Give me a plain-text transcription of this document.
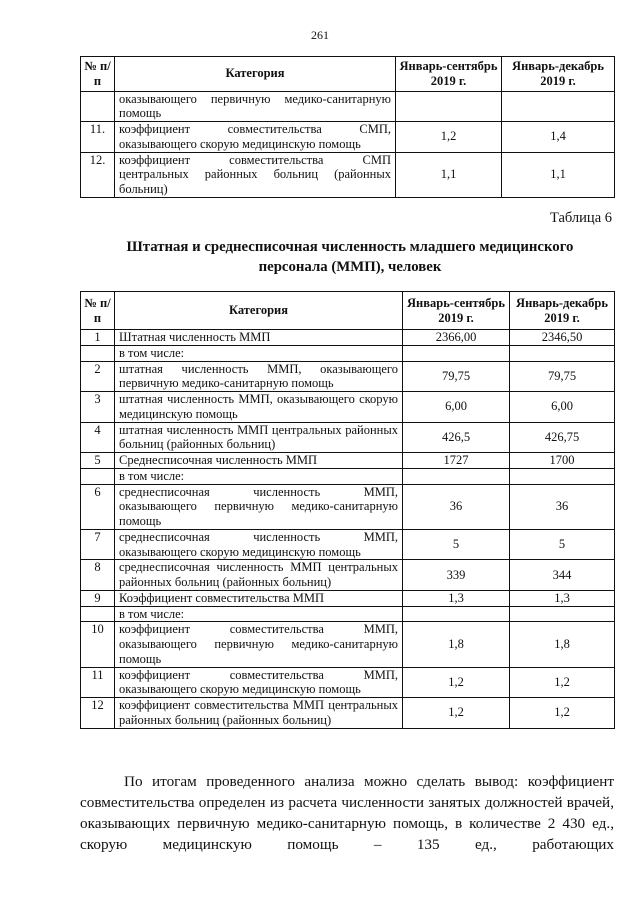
261
№ п/п	Категория	Январь-сентябрь 2019 г.	Январь-декабрь 2019 г.
	оказывающего первичную медико-санитарную помощь		
11.	коэффициент совместительства СМП, оказывающего скорую медицинскую помощь	1,2	1,4
12.	коэффициент совместительства СМП центральных районных больниц (районных больниц)	1,1	1,1
Таблица 6
Штатная и среднесписочная численность младшего медицинского персонала (ММП), человек
№ п/п	Категория	Январь-сентябрь 2019 г.	Январь-декабрь 2019 г.
1	Штатная численность ММП	2366,00	2346,50
	в том числе:		
2	штатная численность ММП, оказывающего первичную медико-санитарную помощь	79,75	79,75
3	штатная численность ММП, оказывающего скорую медицинскую помощь	6,00	6,00
4	штатная численность ММП центральных районных больниц (районных больниц)	426,5	426,75
5	Среднесписочная численность ММП	1727	1700
	в том числе:		
6	среднесписочная численность ММП, оказывающего первичную медико-санитарную помощь	36	36
7	среднесписочная численность ММП, оказывающего скорую медицинскую помощь	5	5
8	среднесписочная численность ММП центральных районных больниц (районных больниц)	339	344
9	Коэффициент совместительства ММП	1,3	1,3
	в том числе:		
10	коэффициент совместительства ММП, оказывающего первичную медико-санитарную помощь	1,8	1,8
11	коэффициент совместительства ММП, оказывающего скорую медицинскую помощь	1,2	1,2
12	коэффициент совместительства ММП центральных районных больниц (районных больниц)	1,2	1,2

По итогам проведенного анализа можно сделать вывод: коэффициент совместительства определен из расчета численности занятых должностей врачей, оказывающих первичную медико-санитарную помощь, в количестве 2 430 ед., скорую медицинскую помощь – 135 ед., работающих
